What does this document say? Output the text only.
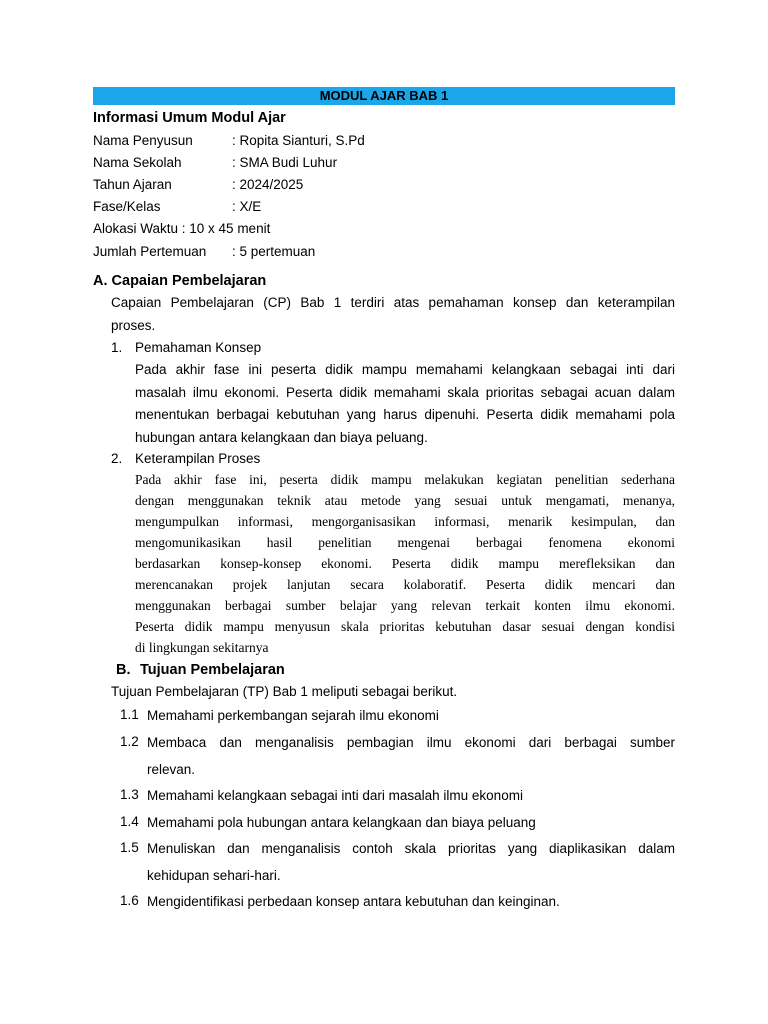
MODUL AJAR BAB 1
Informasi Umum Modul Ajar
Nama Penyusun	: Ropita Sianturi, S.Pd
Nama Sekolah	: SMA Budi Luhur
Tahun Ajaran	: 2024/2025
Fase/Kelas	: X/E
Alokasi Waktu : 10 x 45 menit
Jumlah Pertemuan : 5 pertemuan
A. Capaian Pembelajaran
Capaian Pembelajaran (CP) Bab 1 terdiri atas pemahaman konsep dan keterampilan
proses.
1. Pemahaman Konsep
Pada akhir fase ini peserta didik mampu memahami kelangkaan sebagai inti dari
masalah ilmu ekonomi. Peserta didik memahami skala prioritas sebagai acuan dalam
menentukan berbagai kebutuhan yang harus dipenuhi. Peserta didik memahami pola
hubungan antara kelangkaan dan biaya peluang.
2. Keterampilan Proses
Pada akhir fase ini, peserta didik mampu melakukan kegiatan penelitian sederhana
dengan menggunakan teknik atau metode yang sesuai untuk mengamati, menanya,
mengumpulkan informasi, mengorganisasikan informasi, menarik kesimpulan, dan
mengomunikasikan hasil penelitian mengenai berbagai fenomena ekonomi
berdasarkan konsep-konsep ekonomi. Peserta didik mampu merefleksikan dan
merencanakan projek lanjutan secara kolaboratif. Peserta didik mencari dan
menggunakan berbagai sumber belajar yang relevan terkait konten ilmu ekonomi.
Peserta didik mampu menyusun skala prioritas kebutuhan dasar sesuai dengan kondisi
di lingkungan sekitarnya
B. Tujuan Pembelajaran
Tujuan Pembelajaran (TP) Bab 1 meliputi sebagai berikut.
1.1 Memahami perkembangan sejarah ilmu ekonomi
1.2 Membaca dan menganalisis pembagian ilmu ekonomi dari berbagai sumber
relevan.
1.3 Memahami kelangkaan sebagai inti dari masalah ilmu ekonomi
1.4 Memahami pola hubungan antara kelangkaan dan biaya peluang
1.5 Menuliskan dan menganalisis contoh skala prioritas yang diaplikasikan dalam
kehidupan sehari-hari.
1.6 Mengidentifikasi perbedaan konsep antara kebutuhan dan keinginan.
